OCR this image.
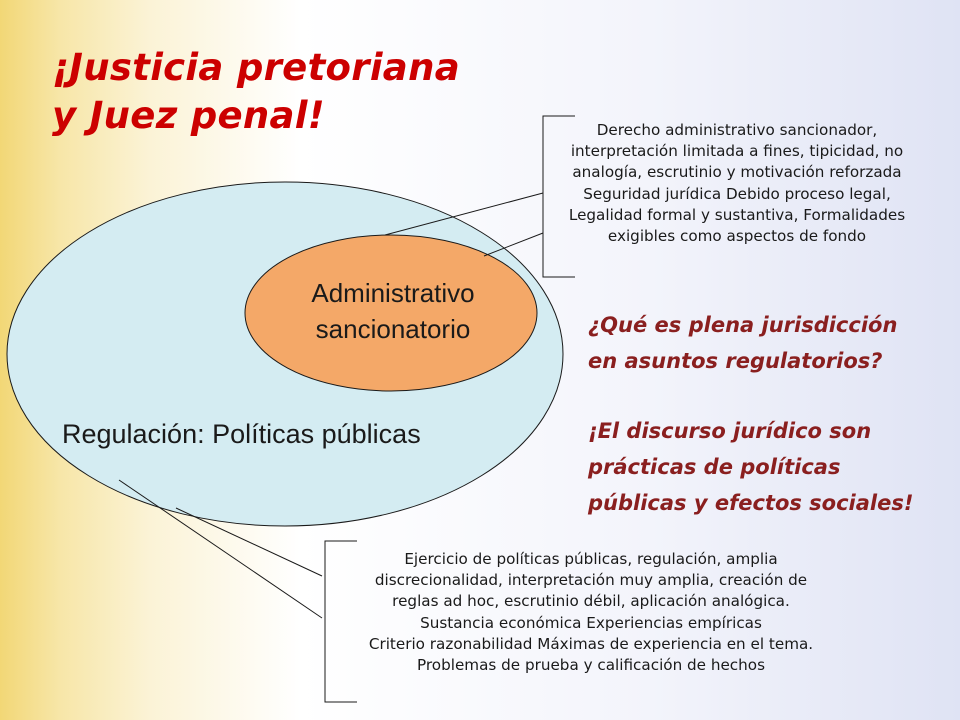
¡Justicia pretoriana
y Juez penal!
Administrativo
sancionatorio
Regulación: Políticas públicas
Derecho administrativo sancionador,
interpretación limitada a fines, tipicidad, no
analogía, escrutinio y motivación reforzada
Seguridad jurídica Debido proceso legal,
Legalidad formal y sustantiva, Formalidades
exigibles como aspectos de fondo
¿Qué es plena jurisdicción
en asuntos regulatorios?
¡El discurso jurídico son
prácticas de políticas
públicas y efectos sociales!
Ejercicio de políticas públicas, regulación, amplia
discrecionalidad, interpretación muy amplia, creación de
reglas ad hoc, escrutinio débil, aplicación analógica.
Sustancia económica Experiencias empíricas
Criterio razonabilidad Máximas de experiencia en el tema.
Problemas de prueba y calificación de hechos
